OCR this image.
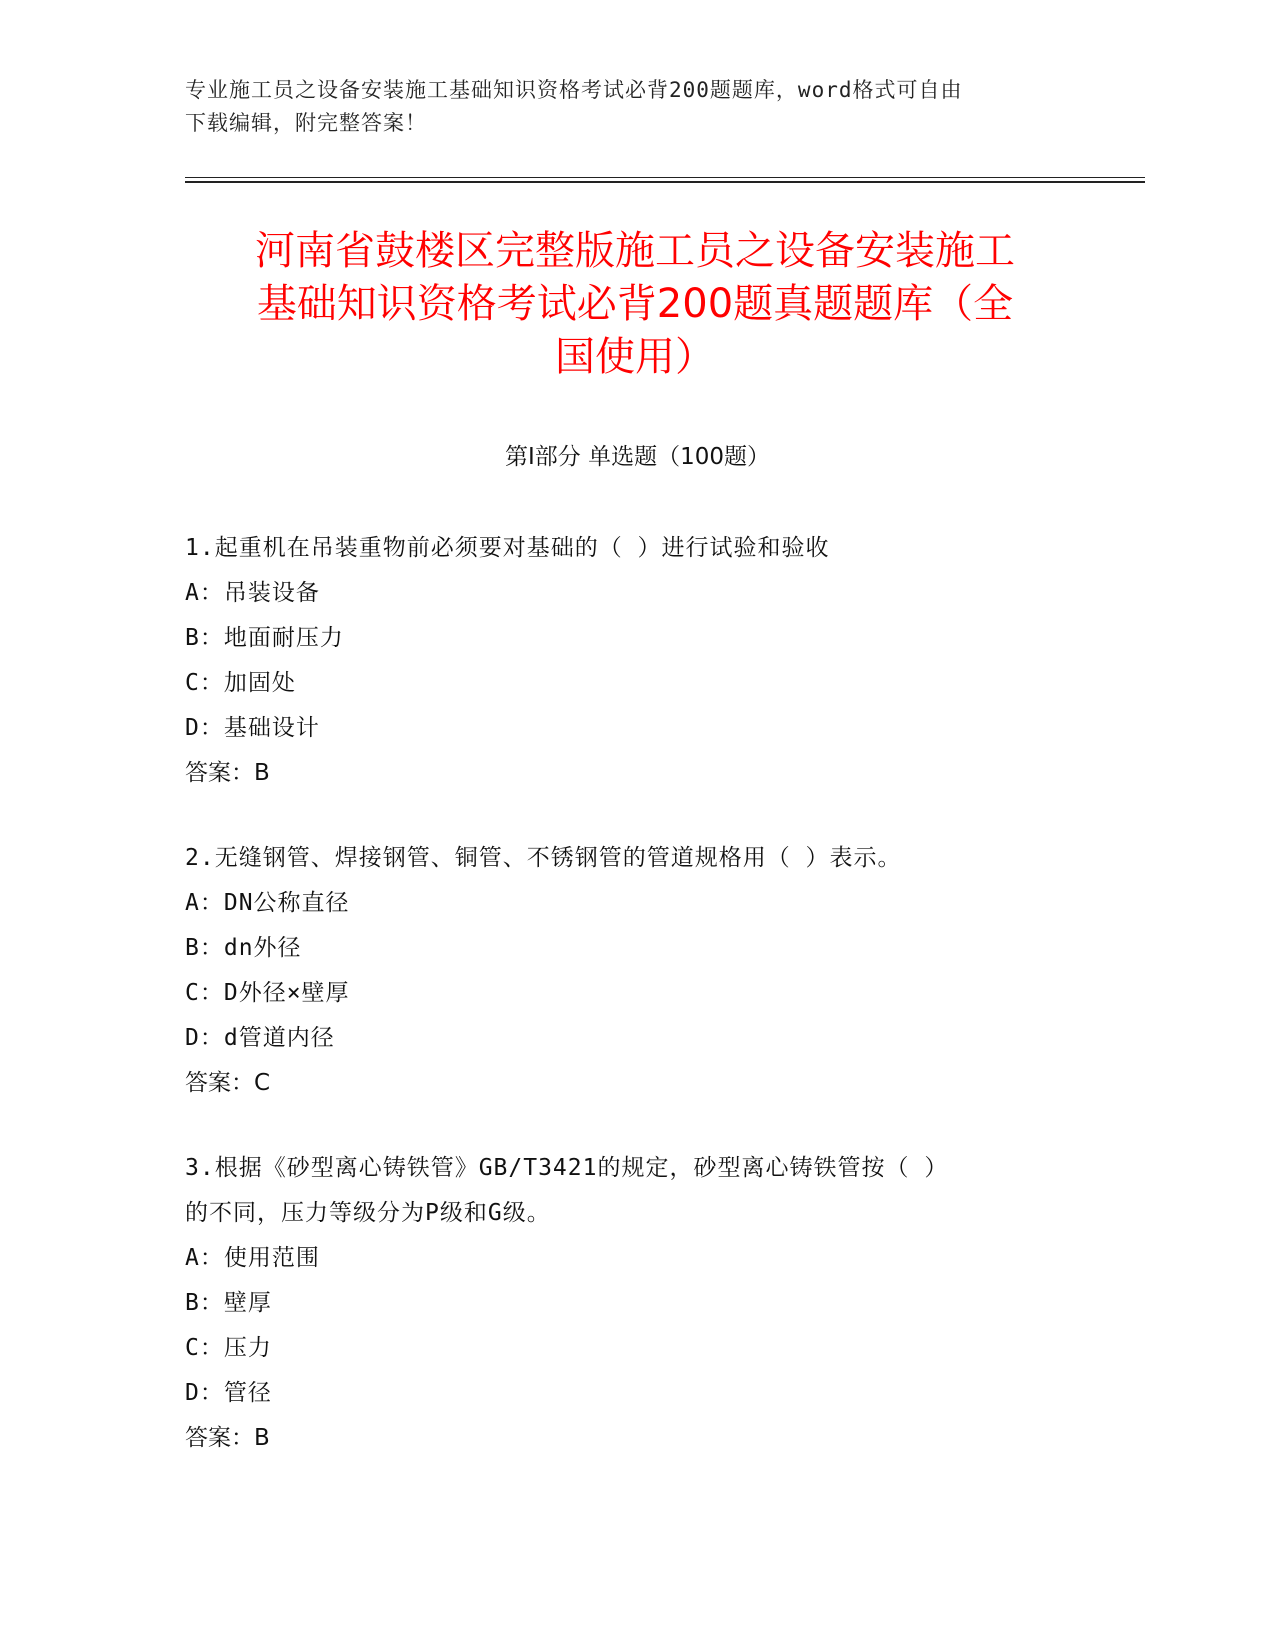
专业施工员之设备安装施工基础知识资格考试必背200题题库，word格式可自由
下载编辑，附完整答案！
河南省鼓楼区完整版施工员之设备安装施工
基础知识资格考试必背200题真题题库（全
国使用）
第Ⅰ部分 单选题（100题）
1.起重机在吊装重物前必须要对基础的（ ）进行试验和验收
A：吊装设备
B：地面耐压力
C：加固处
D：基础设计
答案：B
2.无缝钢管、焊接钢管、铜管、不锈钢管的管道规格用（ ）表示。
A：DN公称直径
B：dn外径
C：D外径×壁厚
D：d管道内径
答案：C
3.根据《砂型离心铸铁管》GB/T3421的规定，砂型离心铸铁管按（ ）
的不同，压力等级分为P级和G级。
A：使用范围
B：壁厚
C：压力
D：管径
答案：B
